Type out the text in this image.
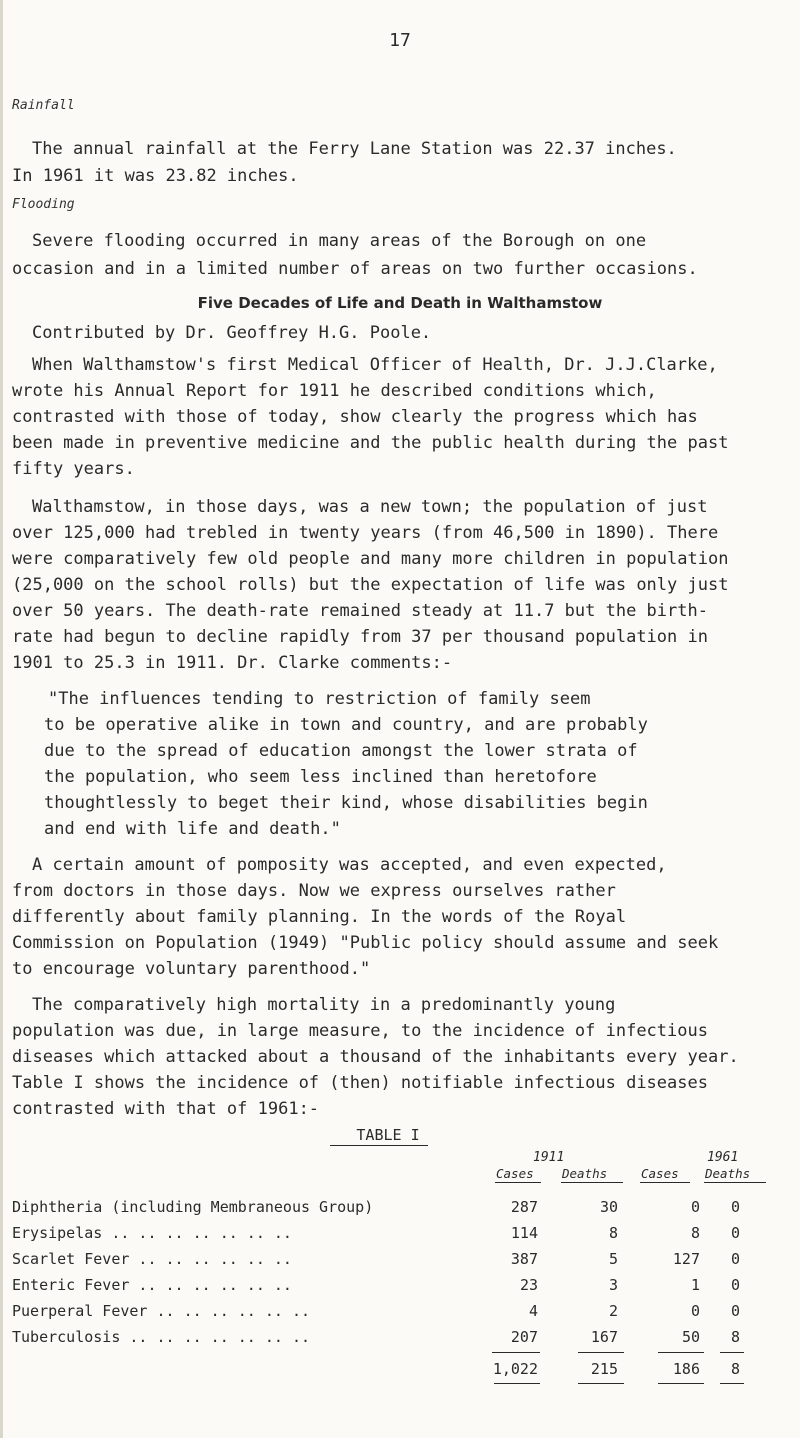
17
Rainfall
The annual rainfall at the Ferry Lane Station was 22.37 inches.
In 1961 it was 23.82 inches.
Flooding
Severe flooding occurred in many areas of the Borough on one
occasion and in a limited number of areas on two further occasions.
Five Decades of Life and Death in Walthamstow
Contributed by Dr. Geoffrey H.G. Poole.
When Walthamstow's first Medical Officer of Health, Dr. J.J.Clarke,
wrote his Annual Report for 1911 he described conditions which,
contrasted with those of today, show clearly the progress which has
been made in preventive medicine and the public health during the past
fifty years.
Walthamstow, in those days, was a new town; the population of just
over 125,000 had trebled in twenty years (from 46,500 in 1890). There
were comparatively few old people and many more children in population
(25,000 on the school rolls) but the expectation of life was only just
over 50 years. The death-rate remained steady at 11.7 but the birth-
rate had begun to decline rapidly from 37 per thousand population in
1901 to 25.3 in 1911. Dr. Clarke comments:-
"The influences tending to restriction of family seem
to be operative alike in town and country, and are probably
due to the spread of education amongst the lower strata of
the population, who seem less inclined than heretofore
thoughtlessly to beget their kind, whose disabilities begin
and end with life and death."
A certain amount of pomposity was accepted, and even expected,
from doctors in those days. Now we express ourselves rather
differently about family planning. In the words of the Royal
Commission on Population (1949) "Public policy should assume and seek
to encourage voluntary parenthood."
TABLE I
1911	1961
Cases Deaths	Cases Deaths
Diphtheria (including Membraneous Group)	287	30	0	0
Erysipelas .. .. .. .. .. .. ..	114	8	8	0
Scarlet Fever .. .. .. .. .. ..	387	5	127	0
Enteric Fever .. .. .. .. .. ..	23	3	1	0
Puerperal Fever .. .. .. .. .. ..	4	2	0	0
Tuberculosis .. .. .. .. .. .. ..	207	167	50	8
1,022	215	186	8
The comparatively high mortality in a predominantly young
population was due, in large measure, to the incidence of infectious
diseases which attacked about a thousand of the inhabitants every year.
Table I shows the incidence of (then) notifiable infectious diseases
contrasted with that of 1961:-
